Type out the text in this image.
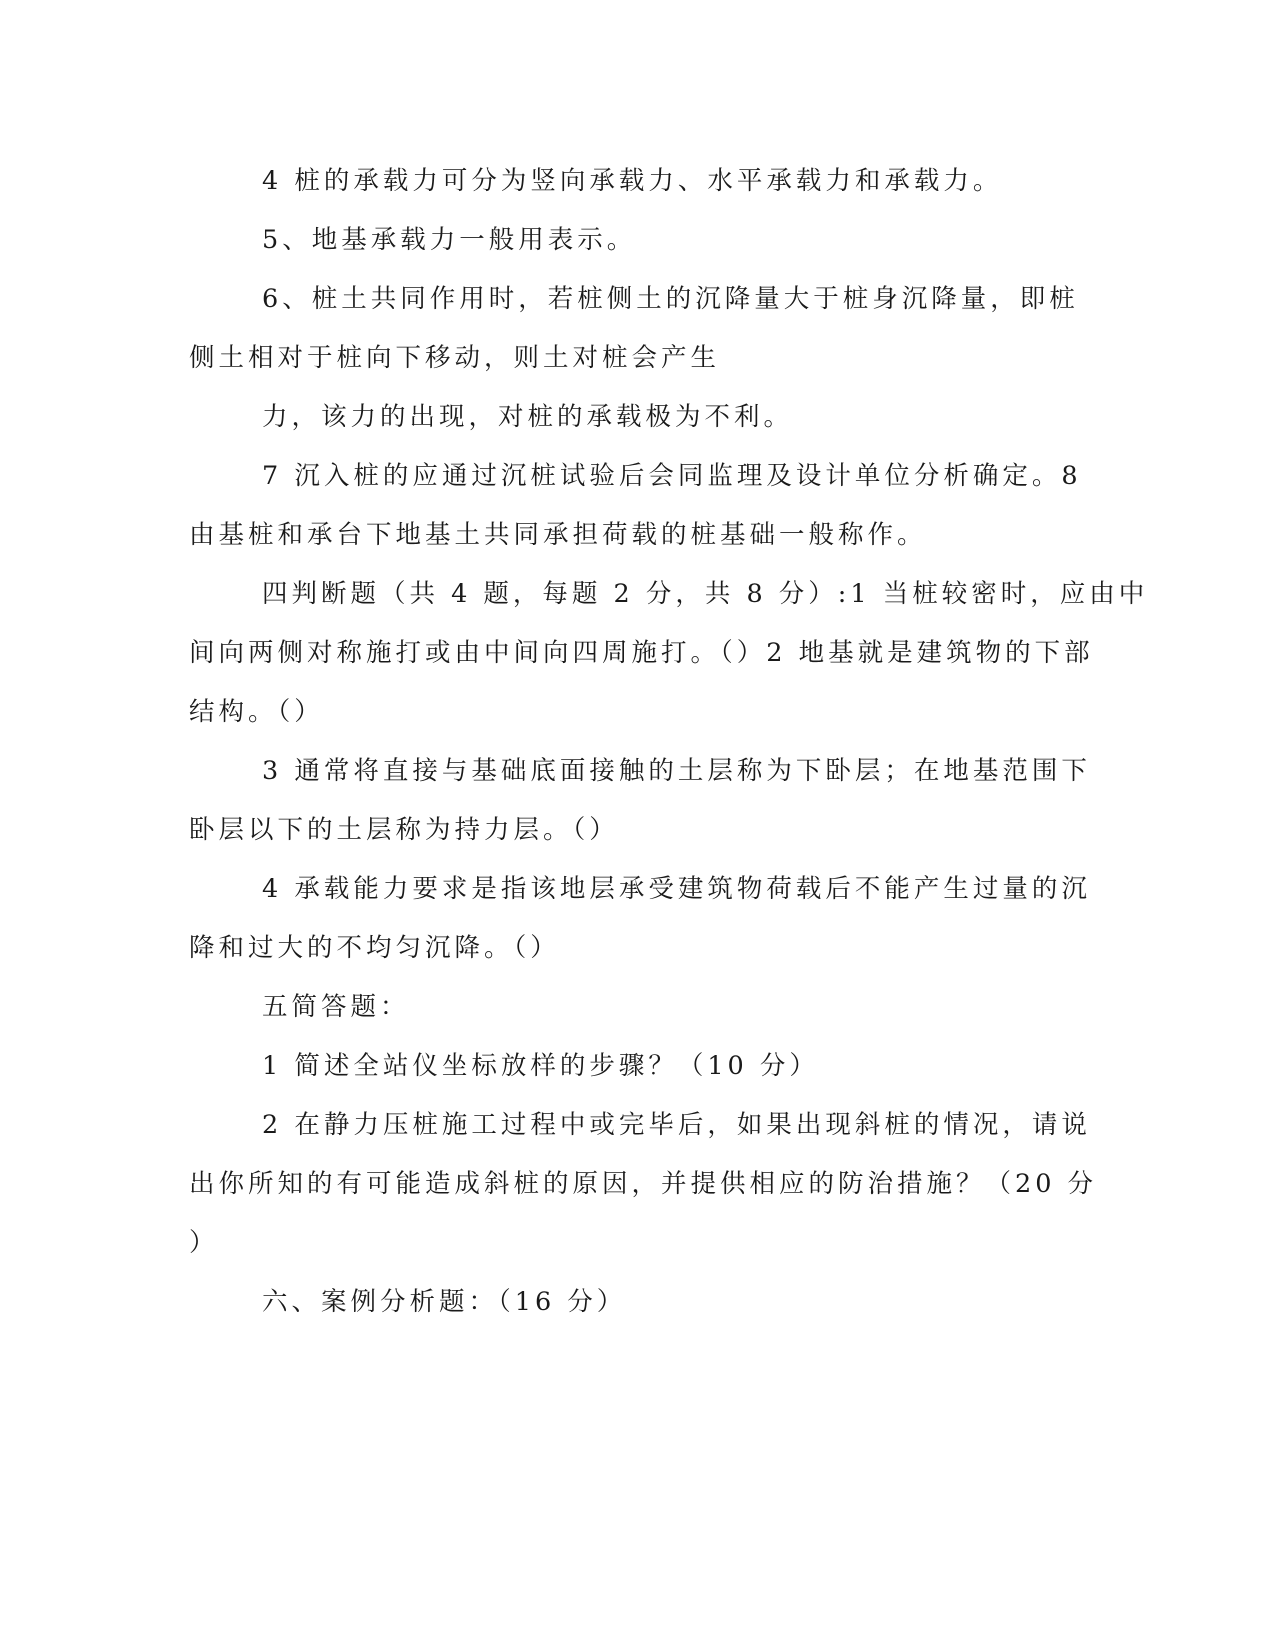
4 桩的承载力可分为竖向承载力、水平承载力和承载力。
5、地基承载力一般用表示。
6、桩土共同作用时，若桩侧土的沉降量大于桩身沉降量，即桩
侧土相对于桩向下移动，则土对桩会产生
力，该力的出现，对桩的承载极为不利。
7 沉入桩的应通过沉桩试验后会同监理及设计单位分析确定。8
由基桩和承台下地基土共同承担荷载的桩基础一般称作。
四判断题（共 4 题，每题 2 分，共 8 分）:1 当桩较密时，应由中
间向两侧对称施打或由中间向四周施打。（）2 地基就是建筑物的下部
结构。（）
3 通常将直接与基础底面接触的土层称为下卧层；在地基范围下
卧层以下的土层称为持力层。（）
4 承载能力要求是指该地层承受建筑物荷载后不能产生过量的沉
降和过大的不均匀沉降。（）
五简答题：
1 简述全站仪坐标放样的步骤？（10 分）
2 在静力压桩施工过程中或完毕后，如果出现斜桩的情况，请说
出你所知的有可能造成斜桩的原因，并提供相应的防治措施？（20 分
）
六、案例分析题：（16 分）
